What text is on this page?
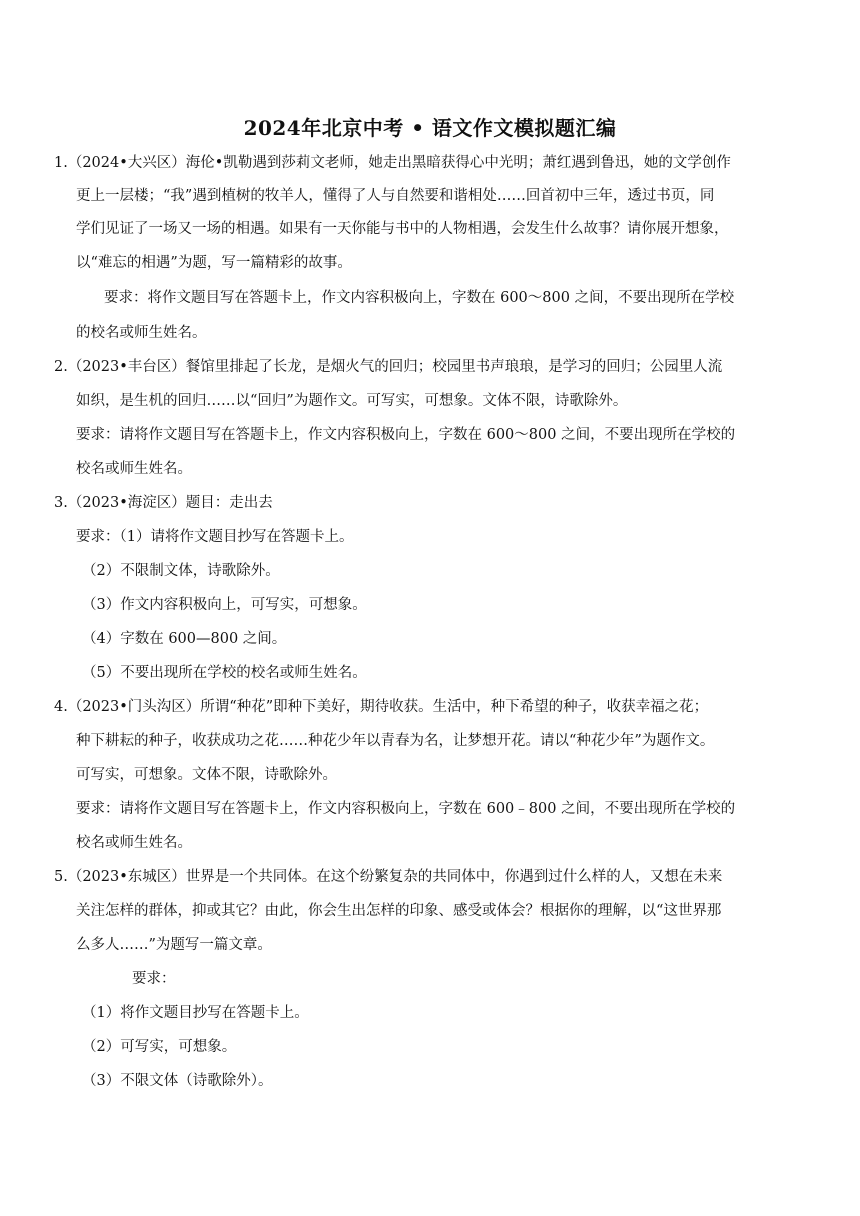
2024年北京中考 • 语文作文模拟题汇编
1.（2024•大兴区）海伦•凯勒遇到莎莉文老师，她走出黑暗获得心中光明；萧红遇到鲁迅，她的文学创作
更上一层楼；“我”遇到植树的牧羊人，懂得了人与自然要和谐相处……回首初中三年，透过书页，同
学们见证了一场又一场的相遇。如果有一天你能与书中的人物相遇，会发生什么故事？请你展开想象，
以“难忘的相遇”为题，写一篇精彩的故事。
要求：将作文题目写在答题卡上，作文内容积极向上，字数在 600～800 之间，不要出现所在学校
的校名或师生姓名。
2.（2023•丰台区）餐馆里排起了长龙，是烟火气的回归；校园里书声琅琅，是学习的回归；公园里人流
如织，是生机的回归……以“回归”为题作文。可写实，可想象。文体不限，诗歌除外。
要求：请将作文题目写在答题卡上，作文内容积极向上，字数在 600～800 之间，不要出现所在学校的
校名或师生姓名。
3.（2023•海淀区）题目：走出去
要求：（1）请将作文题目抄写在答题卡上。
（2）不限制文体，诗歌除外。
（3）作文内容积极向上，可写实，可想象。
（4）字数在 600—800 之间。
（5）不要出现所在学校的校名或师生姓名。
4.（2023•门头沟区）所谓“种花”即种下美好，期待收获。生活中，种下希望的种子，收获幸福之花；
种下耕耘的种子，收获成功之花……种花少年以青春为名，让梦想开花。请以“种花少年”为题作文。
可写实，可想象。文体不限，诗歌除外。
要求：请将作文题目写在答题卡上，作文内容积极向上，字数在 600﹣800 之间，不要出现所在学校的
校名或师生姓名。
5.（2023•东城区）世界是一个共同体。在这个纷繁复杂的共同体中，你遇到过什么样的人，又想在未来
关注怎样的群体，抑或其它？由此，你会生出怎样的印象、感受或体会？根据你的理解，以“这世界那
么多人……”为题写一篇文章。
要求：
（1）将作文题目抄写在答题卡上。
（2）可写实，可想象。
（3）不限文体（诗歌除外）。
